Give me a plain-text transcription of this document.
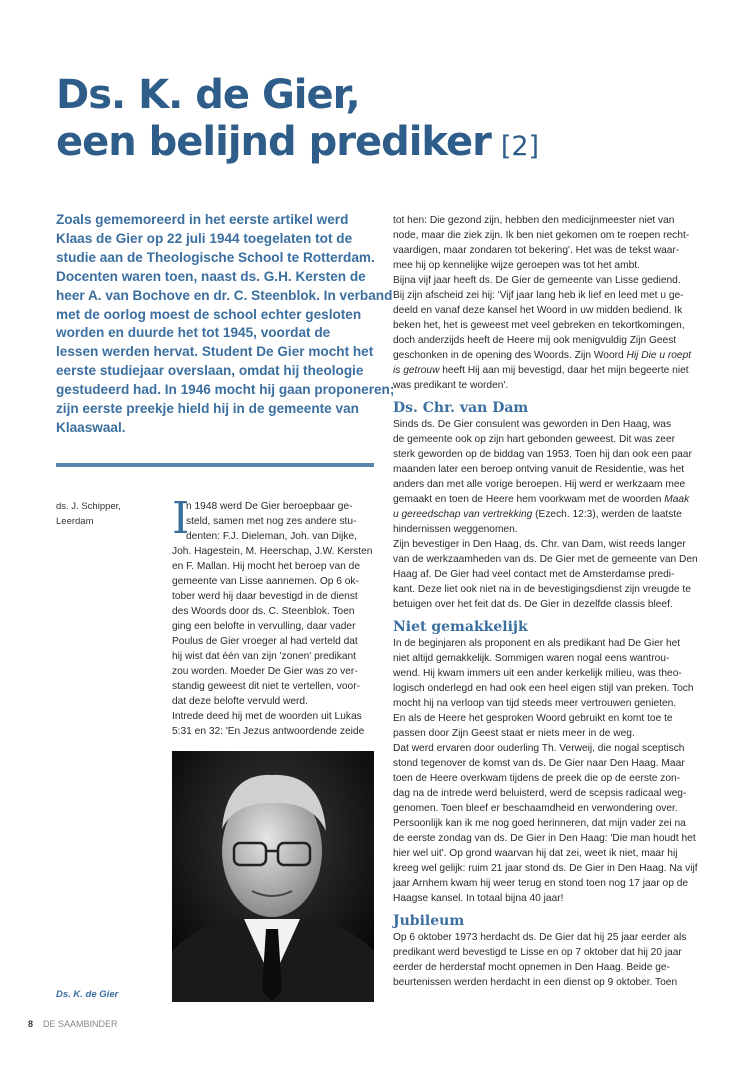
Ds. K. de Gier,
een belijnd prediker [2]
Zoals gememoreerd in het eerste artikel werd
Klaas de Gier op 22 juli 1944 toegelaten tot de
studie aan de Theologische School te Rotterdam.
Docenten waren toen, naast ds. G.H. Kersten de
heer A. van Bochove en dr. C. Steenblok. In verband
met de oorlog moest de school echter gesloten
worden en duurde het tot 1945, voordat de
lessen werden hervat. Student De Gier mocht het
eerste studiejaar overslaan, omdat hij theologie
gestudeerd had. In 1946 mocht hij gaan proponeren;
zijn eerste preekje hield hij in de gemeente van
Klaaswaal.
ds. J. Schipper,
Leerdam	I
n 1948 werd De Gier beroepbaar ge-
steld, samen met nog zes andere stu-
denten: F.J. Dieleman, Joh. van Dijke,
Joh. Hagestein, M. Heerschap, J.W. Kersten
en F. Mallan. Hij mocht het beroep van de
gemeente van Lisse aannemen. Op 6 ok-
tober werd hij daar bevestigd in de dienst
des Woords door ds. C. Steenblok. Toen
ging een belofte in vervulling, daar vader
Poulus de Gier vroeger al had verteld dat
hij wist dat één van zijn 'zonen' predikant
zou worden. Moeder De Gier was zo ver-
standig geweest dit niet te vertellen, voor-
dat deze belofte vervuld werd.
Intrede deed hij met de woorden uit Lukas
5:31 en 32: 'En Jezus antwoordende zeide
Ds. K. de Gier
tot hen: Die gezond zijn, hebben den medicijnmeester niet van
node, maar die ziek zijn. Ik ben niet gekomen om te roepen recht-
vaardigen, maar zondaren tot bekering'. Het was de tekst waar-
mee hij op kennelijke wijze geroepen was tot het ambt.
Bijna vijf jaar heeft ds. De Gier de gemeente van Lisse gediend.
Bij zijn afscheid zei hij: 'Vijf jaar lang heb ik lief en leed met u ge-
deeld en vanaf deze kansel het Woord in uw midden bediend. Ik
beken het, het is geweest met veel gebreken en tekortkomingen,
doch anderzijds heeft de Heere mij ook menigvuldig Zijn Geest
geschonken in de opening des Woords. Zijn Woord Hij Die u roept
is getrouw heeft Hij aan mij bevestigd, daar het mijn begeerte niet
was predikant te worden'.
Ds. Chr. van Dam
Sinds ds. De Gier consulent was geworden in Den Haag, was
de gemeente ook op zijn hart gebonden geweest. Dit was zeer
sterk geworden op de biddag van 1953. Toen hij dan ook een paar
maanden later een beroep ontving vanuit de Residentie, was het
anders dan met alle vorige beroepen. Hij werd er werkzaam mee
gemaakt en toen de Heere hem voorkwam met de woorden Maak
u gereedschap van vertrekking (Ezech. 12:3), werden de laatste
hindernissen weggenomen.
Zijn bevestiger in Den Haag, ds. Chr. van Dam, wist reeds langer
van de werkzaamheden van ds. De Gier met de gemeente van Den
Haag af. De Gier had veel contact met de Amsterdamse predi-
kant. Deze liet ook niet na in de bevestigingsdienst zijn vreugde te
betuigen over het feit dat ds. De Gier in dezelfde classis bleef.
Niet gemakkelijk
In de beginjaren als proponent en als predikant had De Gier het
niet altijd gemakkelijk. Sommigen waren nogal eens wantrou-
wend. Hij kwam immers uit een ander kerkelijk milieu, was theo-
logisch onderlegd en had ook een heel eigen stijl van preken. Toch
mocht hij na verloop van tijd steeds meer vertrouwen genieten.
En als de Heere het gesproken Woord gebruikt en komt toe te
passen door Zijn Geest staat er niets meer in de weg.
Dat werd ervaren door ouderling Th. Verweij, die nogal sceptisch
stond tegenover de komst van ds. De Gier naar Den Haag. Maar
toen de Heere overkwam tijdens de preek die op de eerste zon-
dag na de intrede werd beluisterd, werd de scepsis radicaal weg-
genomen. Toen bleef er beschaamdheid en verwondering over.
Persoonlijk kan ik me nog goed herinneren, dat mijn vader zei na
de eerste zondag van ds. De Gier in Den Haag: 'Die man houdt het
hier wel uit'. Op grond waarvan hij dat zei, weet ik niet, maar hij
kreeg wel gelijk: ruim 21 jaar stond ds. De Gier in Den Haag. Na vijf
jaar Arnhem kwam hij weer terug en stond toen nog 17 jaar op de
Haagse kansel. In totaal bijna 40 jaar!
Jubileum
Op 6 oktober 1973 herdacht ds. De Gier dat hij 25 jaar eerder als
predikant werd bevestigd te Lisse en op 7 oktober dat hij 20 jaar
eerder de herderstaf mocht opnemen in Den Haag. Beide ge-
beurtenissen werden herdacht in een dienst op 9 oktober. Toen
8 DE SAAMBINDER
